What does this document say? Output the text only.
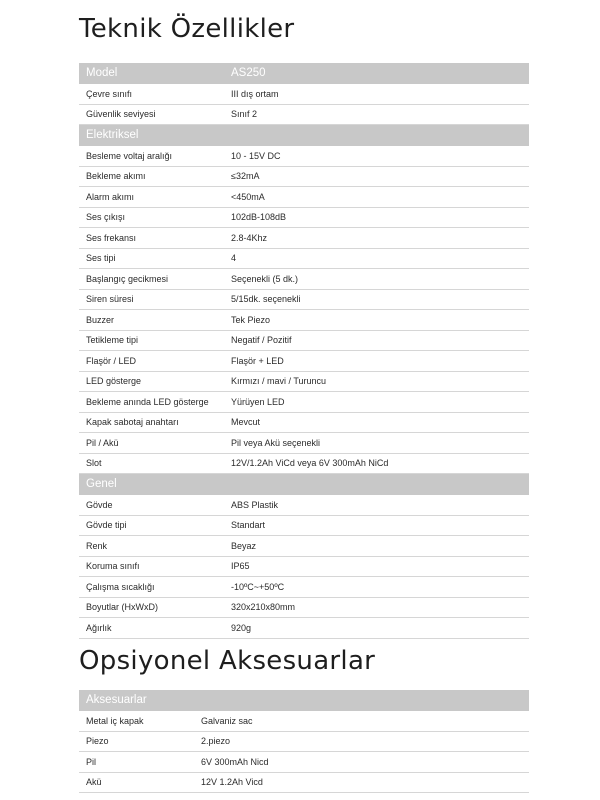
Teknik Özellikler
Model	AS250
Çevre sınıfı	III dış ortam
Güvenlik seviyesi	Sınıf 2
Elektriksel	
Besleme voltaj aralığı	10 - 15V DC
Bekleme akımı	≤32mA
Alarm akımı	<450mA
Ses çıkışı	102dB-108dB
Ses frekansı	2.8-4Khz
Ses tipi	4
Başlangıç gecikmesi	Seçenekli (5 dk.)
Siren süresi	5/15dk. seçenekli
Buzzer	Tek Piezo
Tetikleme tipi	Negatif / Pozitif
Flaşör / LED	Flaşör + LED
LED gösterge	Kırmızı / mavi / Turuncu
Bekleme anında LED gösterge	Yürüyen LED
Kapak sabotaj anahtarı	Mevcut
Pil / Akü	Pil veya Akü seçenekli
Slot	12V/1.2Ah ViCd veya 6V 300mAh NiCd
Genel	
Gövde	ABS Plastik
Gövde tipi	Standart
Renk	Beyaz
Koruma sınıfı	IP65
Çalışma sıcaklığı	-10ºC~+50ºC
Boyutlar (HxWxD)	320x210x80mm
Ağırlık	920g
Opsiyonel Aksesuarlar
Aksesuarlar	
Metal iç kapak	Galvaniz sac
Piezo	2.piezo
Pil	6V 300mAh Nicd
Akü	12V 1.2Ah Vicd
